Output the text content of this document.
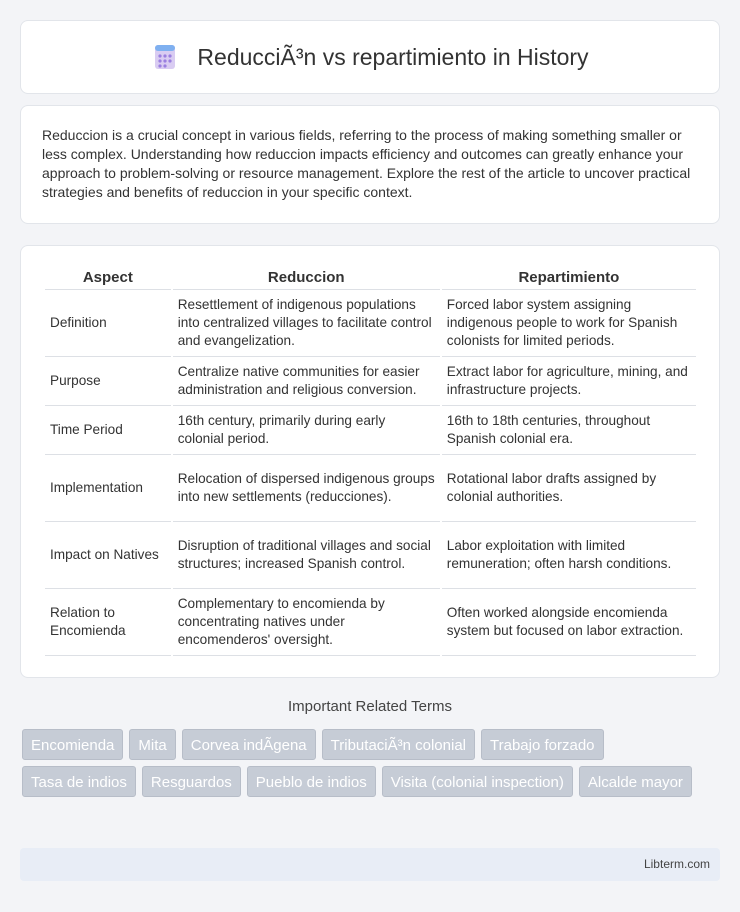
ReducciÃ³n vs repartimiento in History

Reduccion is a crucial concept in various fields, referring to the process of making something smaller or less complex. Understanding how reduccion impacts efficiency and outcomes can greatly enhance your approach to problem-solving or resource management. Explore the rest of the article to uncover practical strategies and benefits of reduccion in your specific context.

Aspect	Reduccion	Repartimiento
Definition	Resettlement of indigenous populations into centralized villages to facilitate control and evangelization.	Forced labor system assigning indigenous people to work for Spanish colonists for limited periods.
Purpose	Centralize native communities for easier administration and religious conversion.	Extract labor for agriculture, mining, and infrastructure projects.
Time Period	16th century, primarily during early colonial period.	16th to 18th centuries, throughout Spanish colonial era.
Implementation	Relocation of dispersed indigenous groups into new settlements (reducciones).	Rotational labor drafts assigned by colonial authorities.
Impact on Natives	Disruption of traditional villages and social structures; increased Spanish control.	Labor exploitation with limited remuneration; often harsh conditions.
Relation to Encomienda	Complementary to encomienda by concentrating natives under encomenderos' oversight.	Often worked alongside encomienda system but focused on labor extraction.
Important Related Terms
Encomienda	Mita	Corvea indÃgena	TributaciÃ³n colonial	Trabajo forzado
Tasa de indios	Resguardos	Pueblo de indios	Visita (colonial inspection)	Alcalde mayor
Libterm.com
